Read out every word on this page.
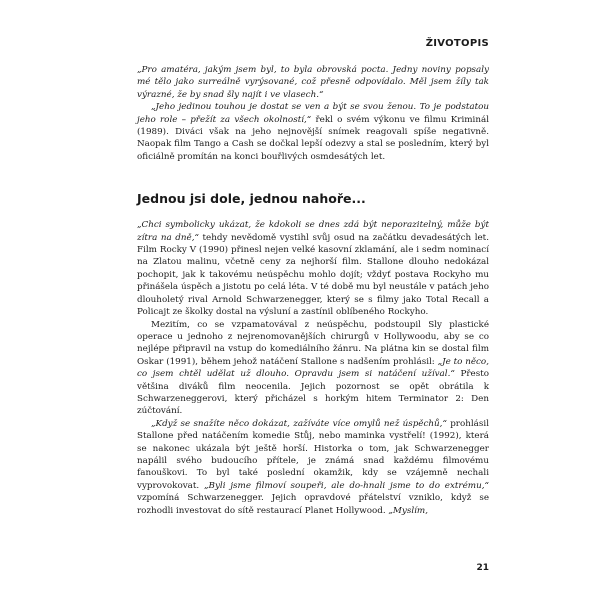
ŽIVOTOPIS

„Pro amatéra, jakým jsem byl, to byla obrovská pocta. Jedny noviny popsaly mé tělo jako surreálně vyrýsované, což přesně odpovídalo. Měl jsem žíly tak výrazné, že by snad šly najít i ve vlasech.“

„Jeho jedinou touhou je dostat se ven a být se svou ženou. To je podstatou jeho role – přežít za všech okolností,“ řekl o svém výkonu ve filmu Kriminál (1989). Diváci však na jeho nejnovější snímek reagovali spíše negativně. Naopak film Tango a Cash se dočkal lepší odezvy a stal se posledním, který byl oficiálně promítán na konci bouřlivých osmdesátých let.

Jednou jsi dole, jednou nahoře...

„Chci symbolicky ukázat, že kdokoli se dnes zdá být neporazitelný, může být zítra na dně,“ tehdy nevědomě vystihl svůj osud na začátku devadesátých let. Film Rocky V (1990) přinesl nejen velké kasovní zklamání, ale i sedm nominací na Zlatou malinu, včetně ceny za nejhorší film. Stallone dlouho nedokázal pochopit, jak k takovému neúspěchu mohlo dojít; vždyť postava Rockyho mu přinášela úspěch a jistotu po celá léta. V té době mu byl neustále v patách jeho dlouholetý rival Arnold Schwarzenegger, který se s filmy jako Total Recall a Policajt ze školky dostal na výsluní a zastínil oblíbeného Rockyho.

Mezitím, co se vzpamatovával z neúspěchu, podstoupil Sly plastické operace u jednoho z nejrenomovanějších chirurgů v Hollywoodu, aby se co nejlépe připravil na vstup do komediálního žánru. Na plátna kin se dostal film Oskar (1991), během jehož natáčení Stallone s nadšením prohlásil: „Je to něco, co jsem chtěl udělat už dlouho. Opravdu jsem si natáčení užíval.“ Přesto většina diváků film neocenila. Jejich pozornost se opět obrátila k Schwarzeneggerovi, který přicházel s horkým hitem Terminator 2: Den zúčtování.

„Když se snažíte něco dokázat, zažíváte více omylů než úspěchů,“ prohlásil Stallone před natáčením komedie Stůj, nebo maminka vystřelí! (1992), která se nakonec ukázala být ještě horší. Historka o tom, jak Schwarzenegger napálil svého budoucího přítele, je známá snad každému filmovému fanouškovi. To byl také poslední okamžik, kdy se vzájemně nechali vyprovokovat. „Byli jsme filmoví soupeři, ale do-hnali jsme to do extrému,“ vzpomíná Schwarzenegger. Jejich opravdové přátelství vzniklo, když se rozhodli investovat do sítě restaurací Planet Hollywood. „Myslím,

21
